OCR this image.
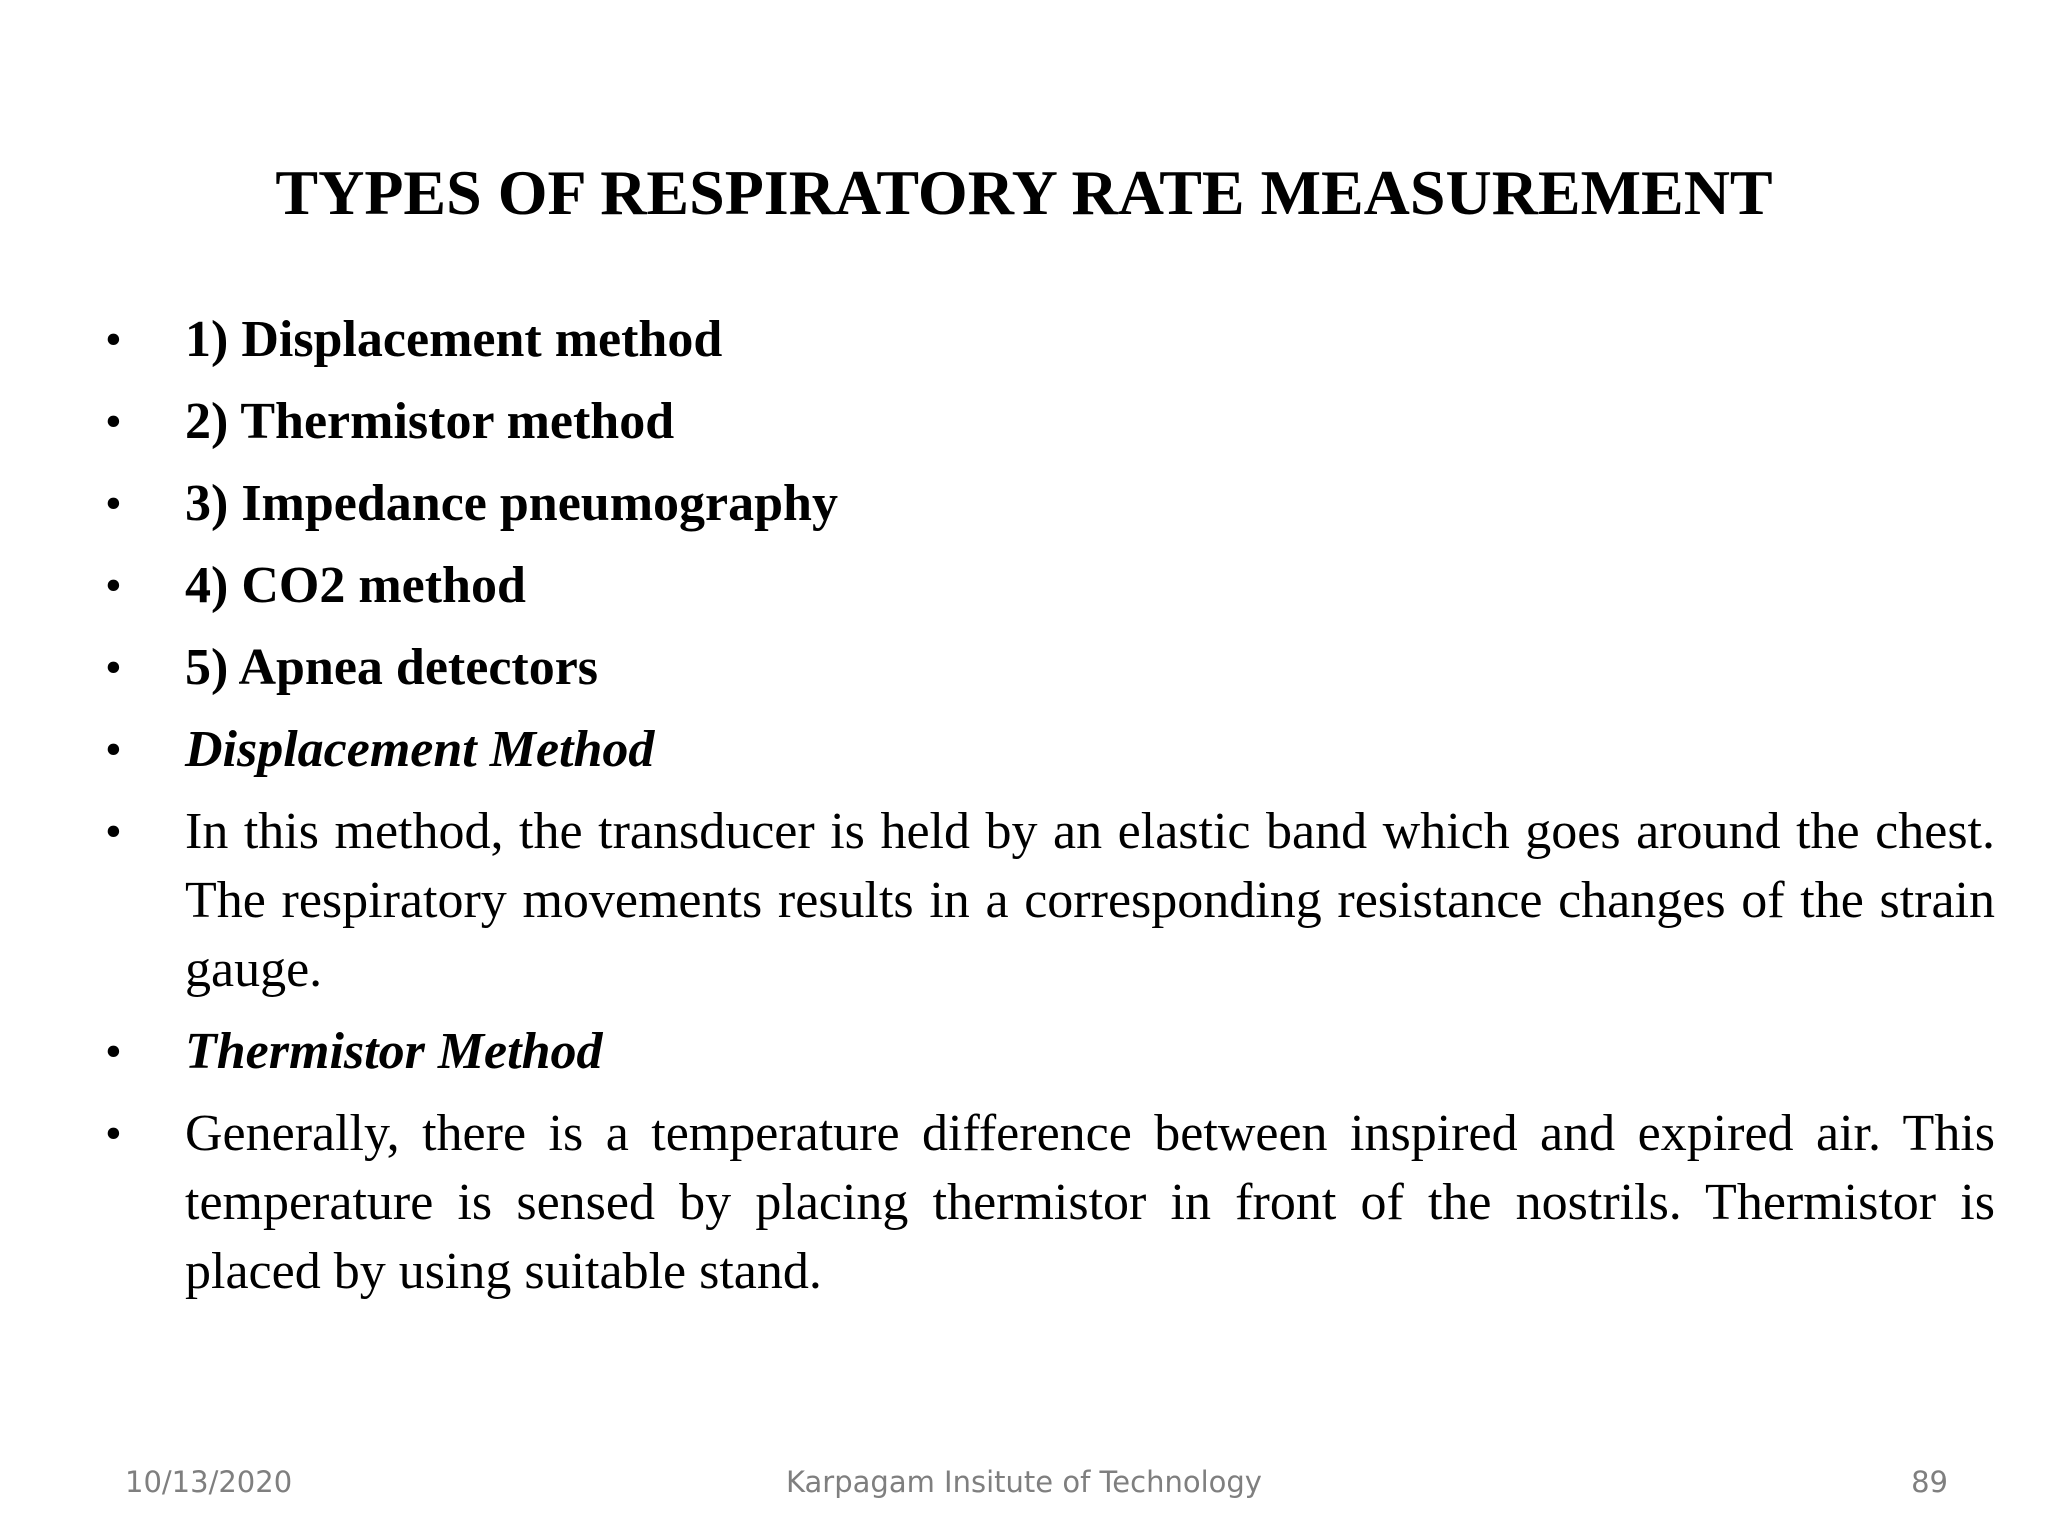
TYPES OF RESPIRATORY RATE MEASUREMENT
•	1) Displacement method
•	2) Thermistor method
•	3) Impedance pneumography
•	4) CO2 method
•	5) Apnea detectors
•	Displacement Method
•	In this method, the transducer is held by an elastic band which goes around the chest. The respiratory movements results in a corresponding resistance changes of the strain gauge.
•	Thermistor Method
•	Generally, there is a temperature difference between inspired and expired air. This temperature is sensed by placing thermistor in front of the nostrils. Thermistor is placed by using suitable stand.
10/13/2020	Karpagam Insitute of Technology	89
